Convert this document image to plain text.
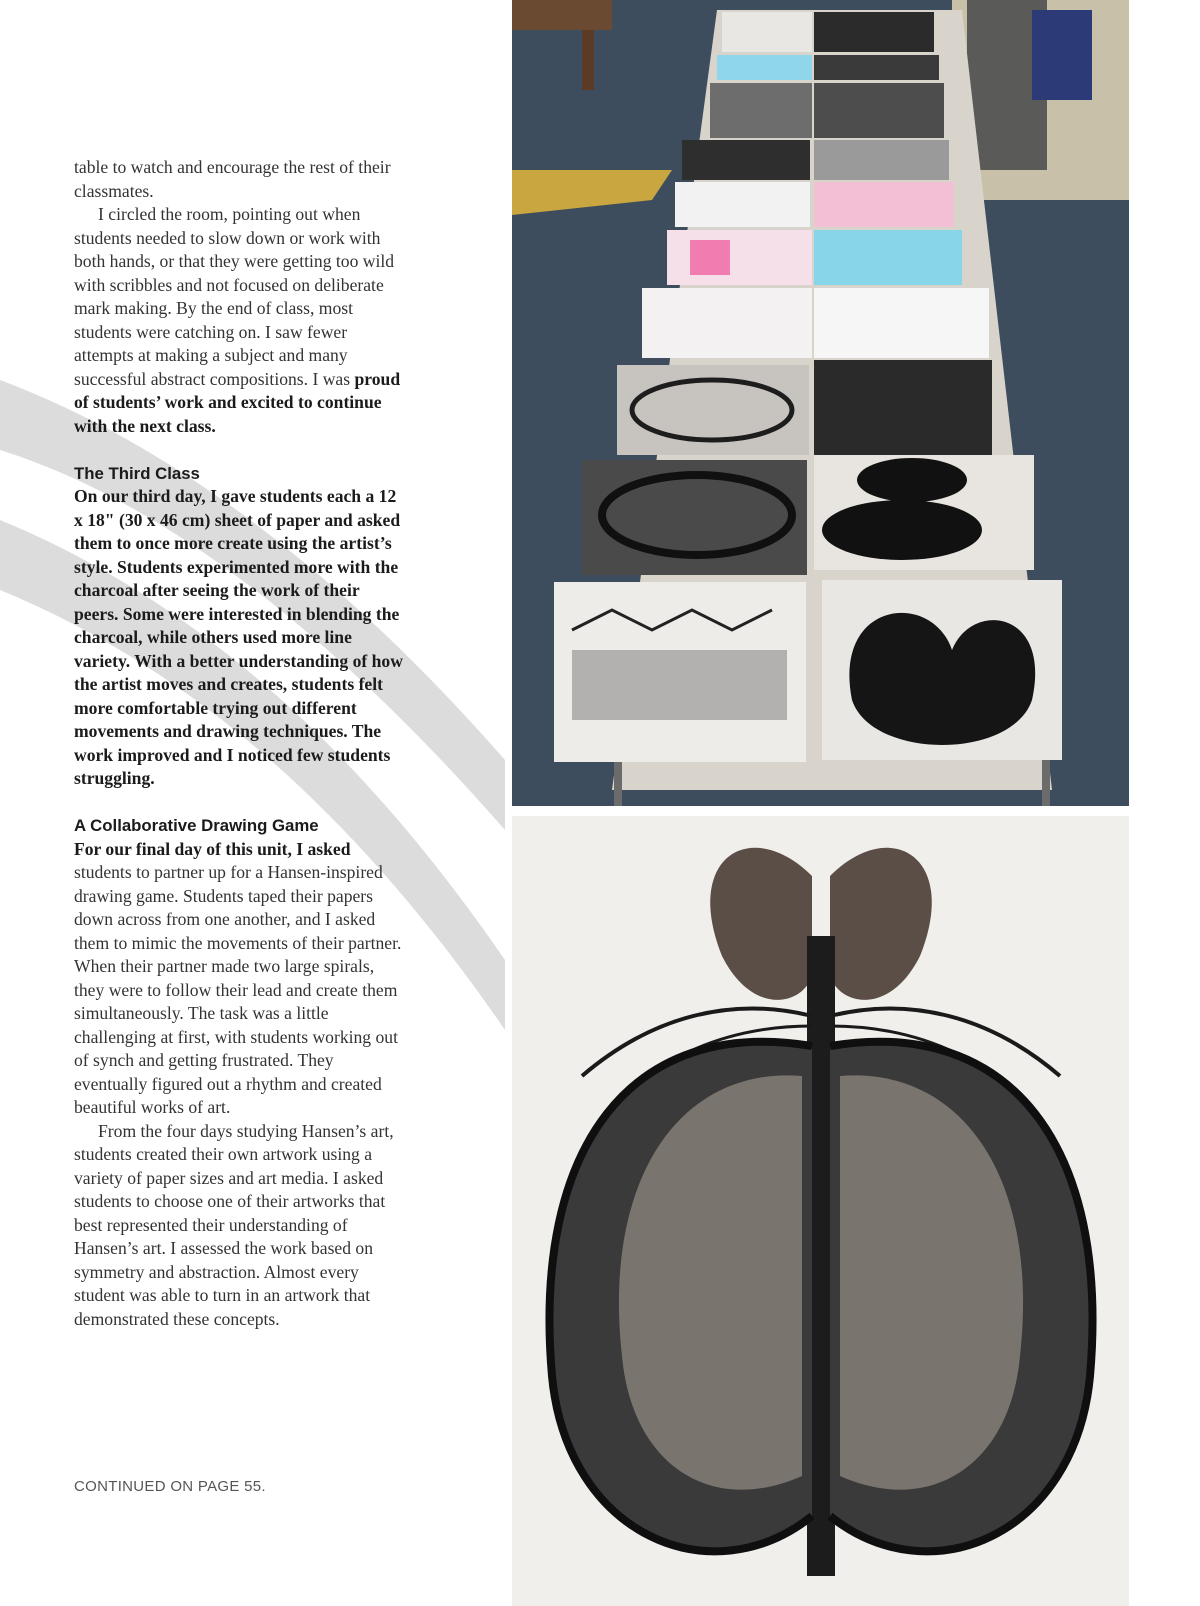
table to watch and encourage the rest of their classmates.

I circled the room, pointing out when students needed to slow down or work with both hands, or that they were getting too wild with scribbles and not focused on deliberate mark making. By the end of class, most students were catching on. I saw fewer attempts at making a subject and many successful abstract compositions. I was proud of students’ work and excited to continue with the next class.

The Third Class

On our third day, I gave students each a 12 x 18" (30 x 46 cm) sheet of paper and asked them to once more create using the artist’s style. Students experimented more with the charcoal after seeing the work of their peers. Some were interested in blending the charcoal, while others used more line variety. With a better understanding of how the artist moves and creates, students felt more comfortable trying out different movements and drawing techniques. The work improved and I noticed few students struggling.

A Collaborative Drawing Game

For our final day of this unit, I asked students to partner up for a Hansen-inspired drawing game. Students taped their papers down across from one another, and I asked them to mimic the movements of their partner. When their partner made two large spirals, they were to follow their lead and create them simultaneously. The task was a little challenging at first, with students working out of synch and getting frustrated. They eventually figured out a rhythm and created beautiful works of art.

From the four days studying Hansen’s art, students created their own artwork using a variety of paper sizes and art media. I asked students to choose one of their artworks that best represented their understanding of Hansen’s art. I assessed the work based on symmetry and abstraction. Almost every student was able to turn in an artwork that demonstrated these concepts.

CONTINUED ON PAGE 55.
